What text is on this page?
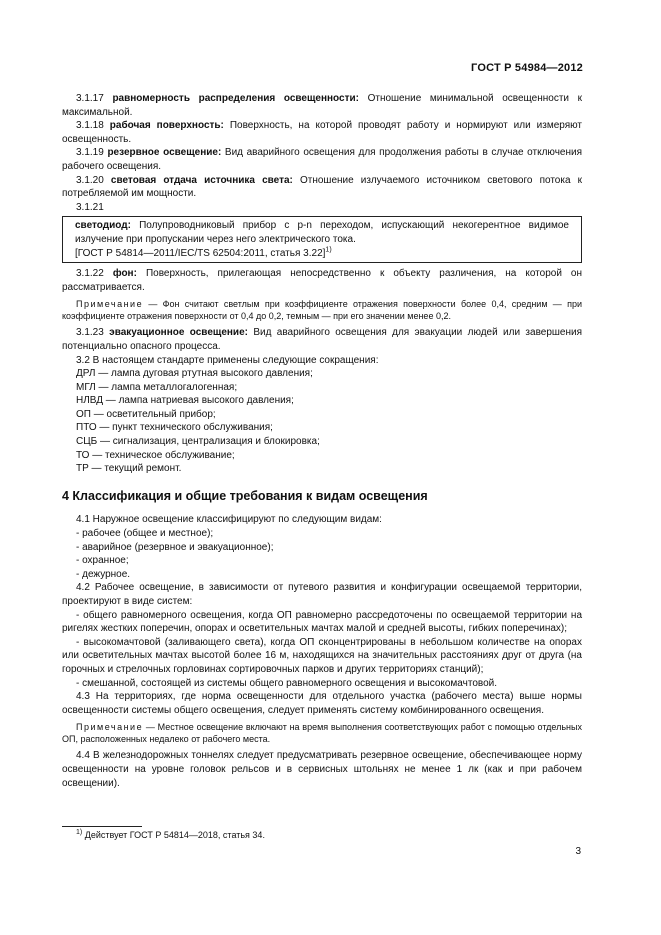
ГОСТ Р 54984—2012

3.1.17 равномерность распределения освещенности: Отношение минимальной освещенности к максимальной.

3.1.18 рабочая поверхность: Поверхность, на которой проводят работу и нормируют или измеряют освещенность.

3.1.19 резервное освещение: Вид аварийного освещения для продолжения работы в случае отключения рабочего освещения.

3.1.20 световая отдача источника света: Отношение излучаемого источником светового потока к потребляемой им мощности.

3.1.21

светодиод: Полупроводниковый прибор с p-n переходом, испускающий некогерентное видимое излучение при пропускании через него электрического тока.

[ГОСТ Р 54814—2011/IEC/TS 62504:2011, статья 3.22]$^{1)}$

3.1.22 фон: Поверхность, прилегающая непосредственно к объекту различения, на которой он рассматривается.

Примечание — Фон считают светлым при коэффициенте отражения поверхности более 0,4, средним — при коэффициенте отражения поверхности от 0,4 до 0,2, темным — при его значении менее 0,2.

3.1.23 эвакуационное освещение: Вид аварийного освещения для эвакуации людей или завершения потенциально опасного процесса.

3.2 В настоящем стандарте применены следующие сокращения:

ДРЛ — лампа дуговая ртутная высокого давления;

МГЛ — лампа металлогалогенная;

НЛВД — лампа натриевая высокого давления;

ОП — осветительный прибор;

ПТО — пункт технического обслуживания;

СЦБ — сигнализация, централизация и блокировка;

ТО — техническое обслуживание;

ТР — текущий ремонт.

4 Классификация и общие требования к видам освещения

4.1 Наружное освещение классифицируют по следующим видам:

- рабочее (общее и местное);

- аварийное (резервное и эвакуационное);

- охранное;

- дежурное.

4.2 Рабочее освещение, в зависимости от путевого развития и конфигурации освещаемой территории, проектируют в виде систем:

- общего равномерного освещения, когда ОП равномерно рассредоточены по освещаемой территории на ригелях жестких поперечин, опорах и осветительных мачтах малой и средней высоты, гибких поперечинах);

- высокомачтовой (заливающего света), когда ОП сконцентрированы в небольшом количестве на опорах или осветительных мачтах высотой более 16 м, находящихся на значительных расстояниях друг от друга (на горочных и стрелочных горловинах сортировочных парков и других территориях станций);

- смешанной, состоящей из системы общего равномерного освещения и высокомачтовой.

4.3 На территориях, где норма освещенности для отдельного участка (рабочего места) выше нормы освещенности системы общего освещения, следует применять систему комбинированного освещения.

Примечание — Местное освещение включают на время выполнения соответствующих работ с помощью отдельных ОП, расположенных недалеко от рабочего места.

4.4 В железнодорожных тоннелях следует предусматривать резервное освещение, обеспечивающее норму освещенности на уровне головок рельсов и в сервисных штольнях не менее 1 лк (как и при рабочем освещении).

$^{1)}$ Действует ГОСТ Р 54814—2018, статья 34.
3
